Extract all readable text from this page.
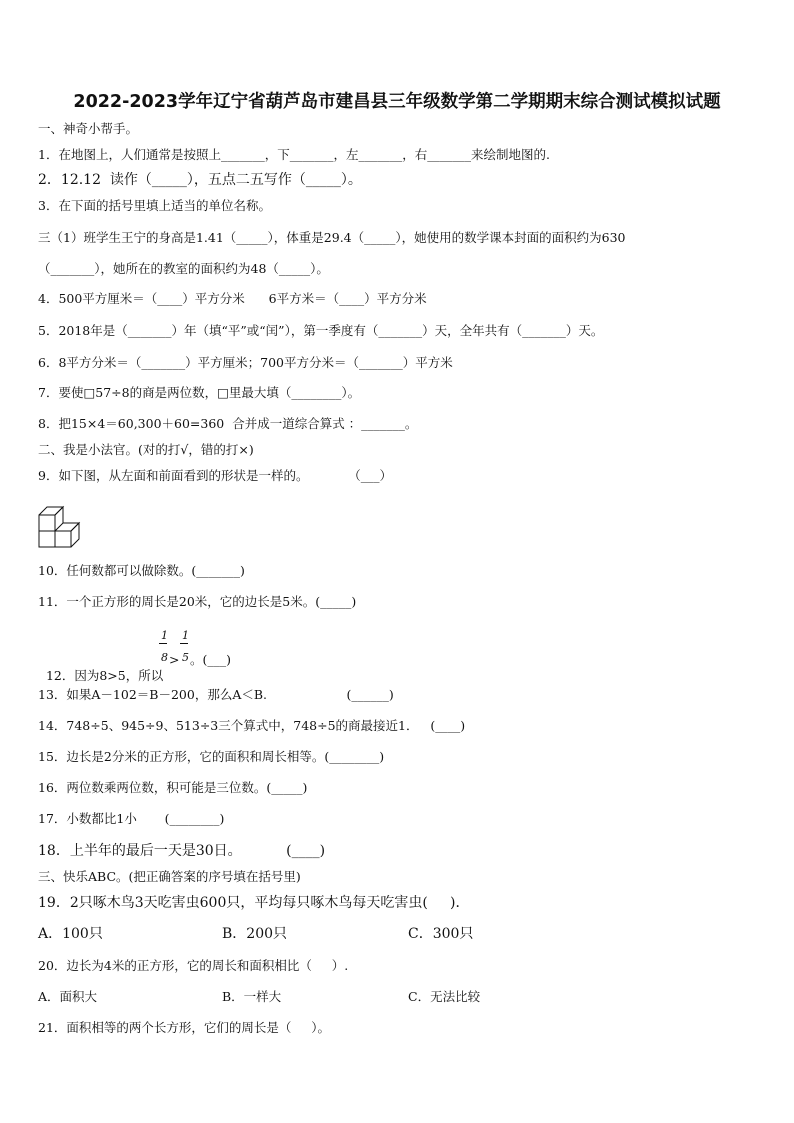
2022-2023学年辽宁省葫芦岛市建昌县三年级数学第二学期期末综合测试模拟试题
一、神奇小帮手。
1．在地图上，人们通常是按照上_______，下_______，左_______，右_______来绘制地图的.
2．12.12  读作（_____），五点二五写作（_____）。
3．在下面的括号里填上适当的单位名称。
三（1）班学生王宁的身高是1.41（_____），体重是29.4（_____），她使用的数学课本封面的面积约为630
（_______），她所在的教室的面积约为48（_____）。
4．500平方厘米＝（____）平方分米      6平方米＝（____）平方分米
5．2018年是（_______）年（填“平”或“闰”），第一季度有（_______）天，全年共有（_______）天。
6．8平方分米＝（_______）平方厘米；700平方分米＝（_______）平方米
7．要使□57÷8的商是两位数，□里最大填（________）。
8．把15×4＝60,300＋60=360  合并成一道综合算式 ：_______。
二、我是小法官。(对的打√，错的打×)
9．如下图，从左面和前面看到的形状是一样的。          （___）
10．任何数都可以做除数。(_______)
11．一个正方形的周长是20米，它的边长是5米。(_____)

12．因为8>5，所以

1
8 >
1
5 。(___)
13．如果A－102＝B－200，那么A＜B.                    (______)
14．748÷5、945÷9、513÷3三个算式中，748÷5的商最接近1．   (____)
15．边长是2分米的正方形，它的面积和周长相等。(________)
16．两位数乘两位数，积可能是三位数。(_____)
17．小数都比1小       (________)
18．上半年的最后一天是30日。          (____)
三、快乐ABC。(把正确答案的序号填在括号里)
19．2只啄木鸟3天吃害虫600只，平均每只啄木鸟每天吃害虫(     )．
A．100只	B．200只	C．300只
20．边长为4米的正方形，它的周长和面积相比（     ）.
A．面积大	B．一样大	C．无法比较
21．面积相等的两个长方形，它们的周长是（     ）。
